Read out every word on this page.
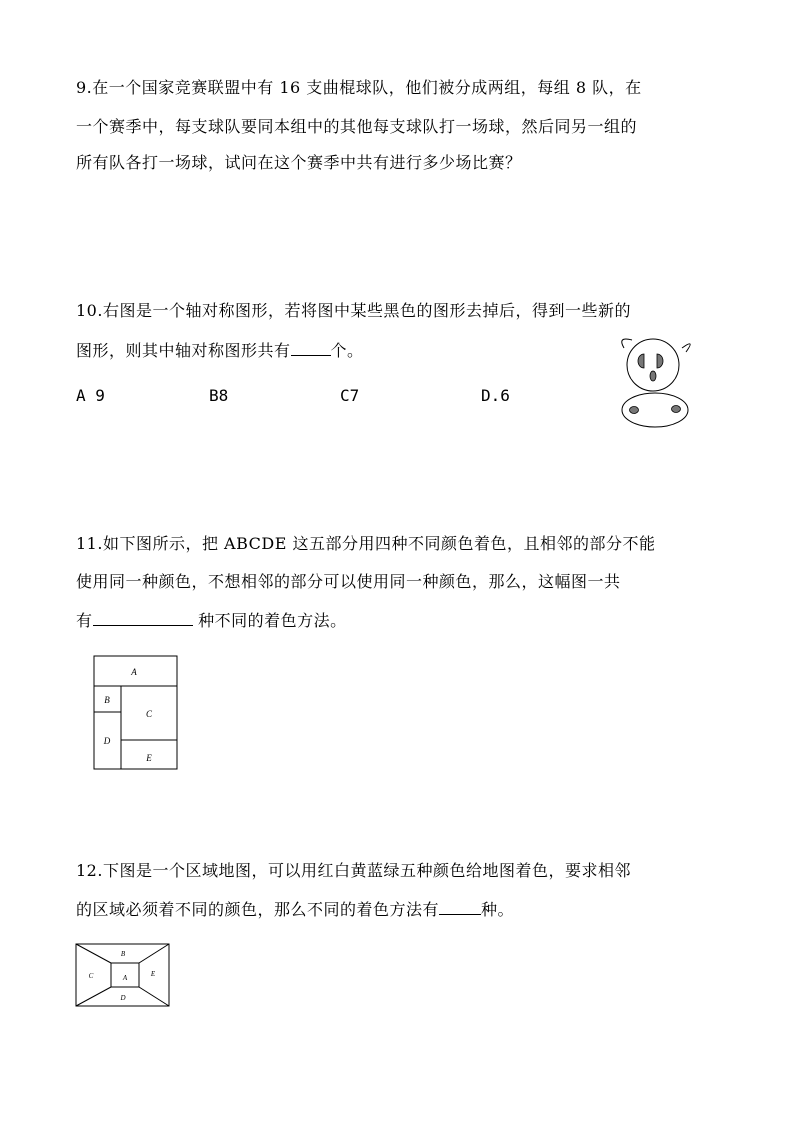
9.在一个国家竞赛联盟中有 16 支曲棍球队，他们被分成两组，每组 8 队，在
一个赛季中，每支球队要同本组中的其他每支球队打一场球，然后同另一组的
所有队各打一场球，试问在这个赛季中共有进行多少场比赛？
10.右图是一个轴对称图形，若将图中某些黑色的图形去掉后，得到一些新的
图形，则其中轴对称图形共有	个。
A 9	B8	C7	D.6
11.如下图所示，把 ABCDE 这五部分用四种不同颜色着色，且相邻的部分不能
使用同一种颜色，不想相邻的部分可以使用同一种颜色，那么，这幅图一共
有	种不同的着色方法。
A
B
C
D
E
12.下图是一个区域地图，可以用红白黄蓝绿五种颜色给地图着色，要求相邻
的区域必须着不同的颜色，那么不同的着色方法有	种。
B
C	A	E
D
